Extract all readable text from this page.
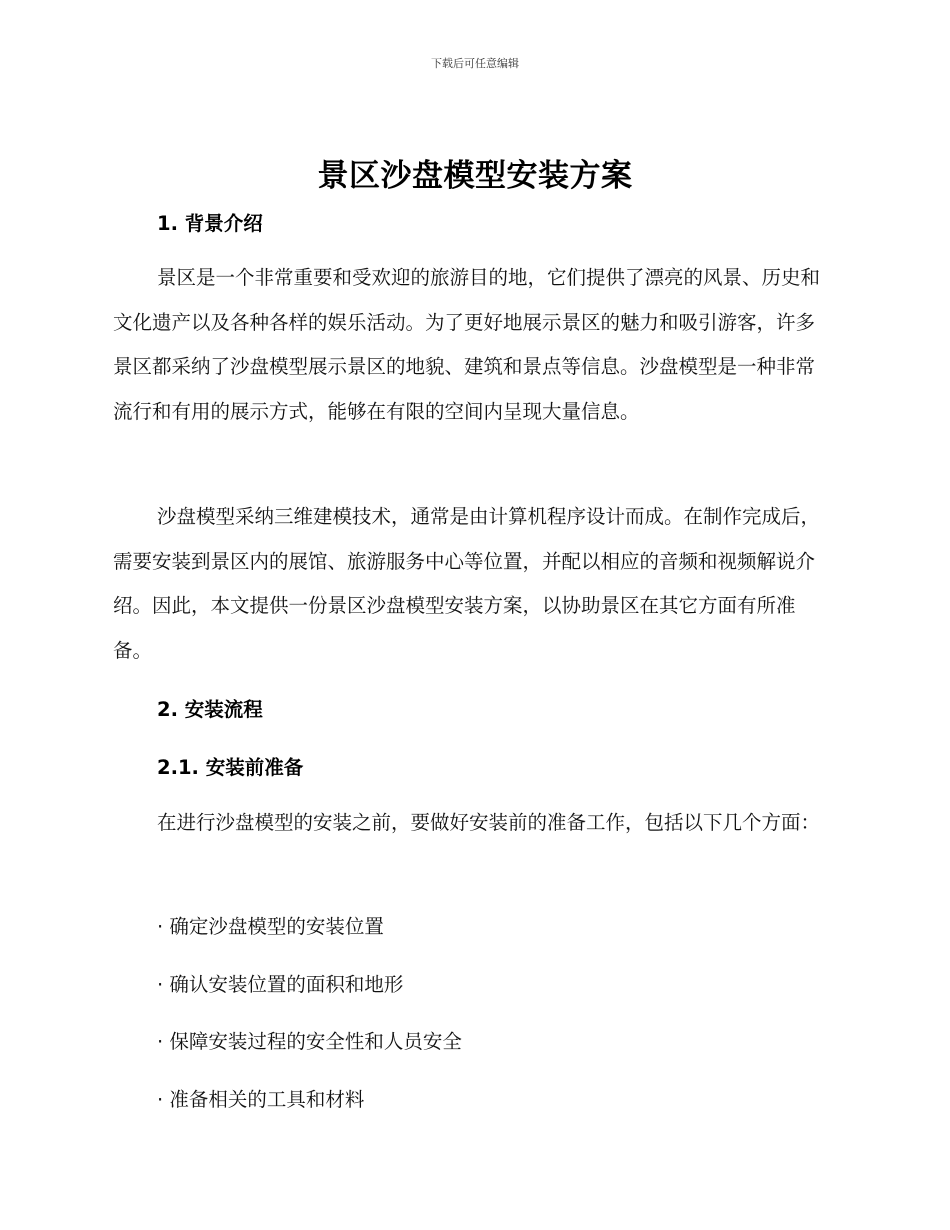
下载后可任意编辑
景区沙盘模型安装方案
1. 背景介绍

景区是一个非常重要和受欢迎的旅游目的地，它们提供了漂亮的风景、历史和文化遗产以及各种各样的娱乐活动。为了更好地展示景区的魅力和吸引游客，许多景区都采纳了沙盘模型展示景区的地貌、建筑和景点等信息。沙盘模型是一种非常流行和有用的展示方式，能够在有限的空间内呈现大量信息。

沙盘模型采纳三维建模技术，通常是由计算机程序设计而成。在制作完成后，需要安装到景区内的展馆、旅游服务中心等位置，并配以相应的音频和视频解说介绍。因此，本文提供一份景区沙盘模型安装方案，以协助景区在其它方面有所准备。

2. 安装流程
2.1. 安装前准备

在进行沙盘模型的安装之前，要做好安装前的准备工作，包括以下几个方面：

· 确定沙盘模型的安装位置
· 确认安装位置的面积和地形
· 保障安装过程的安全性和人员安全
· 准备相关的工具和材料
